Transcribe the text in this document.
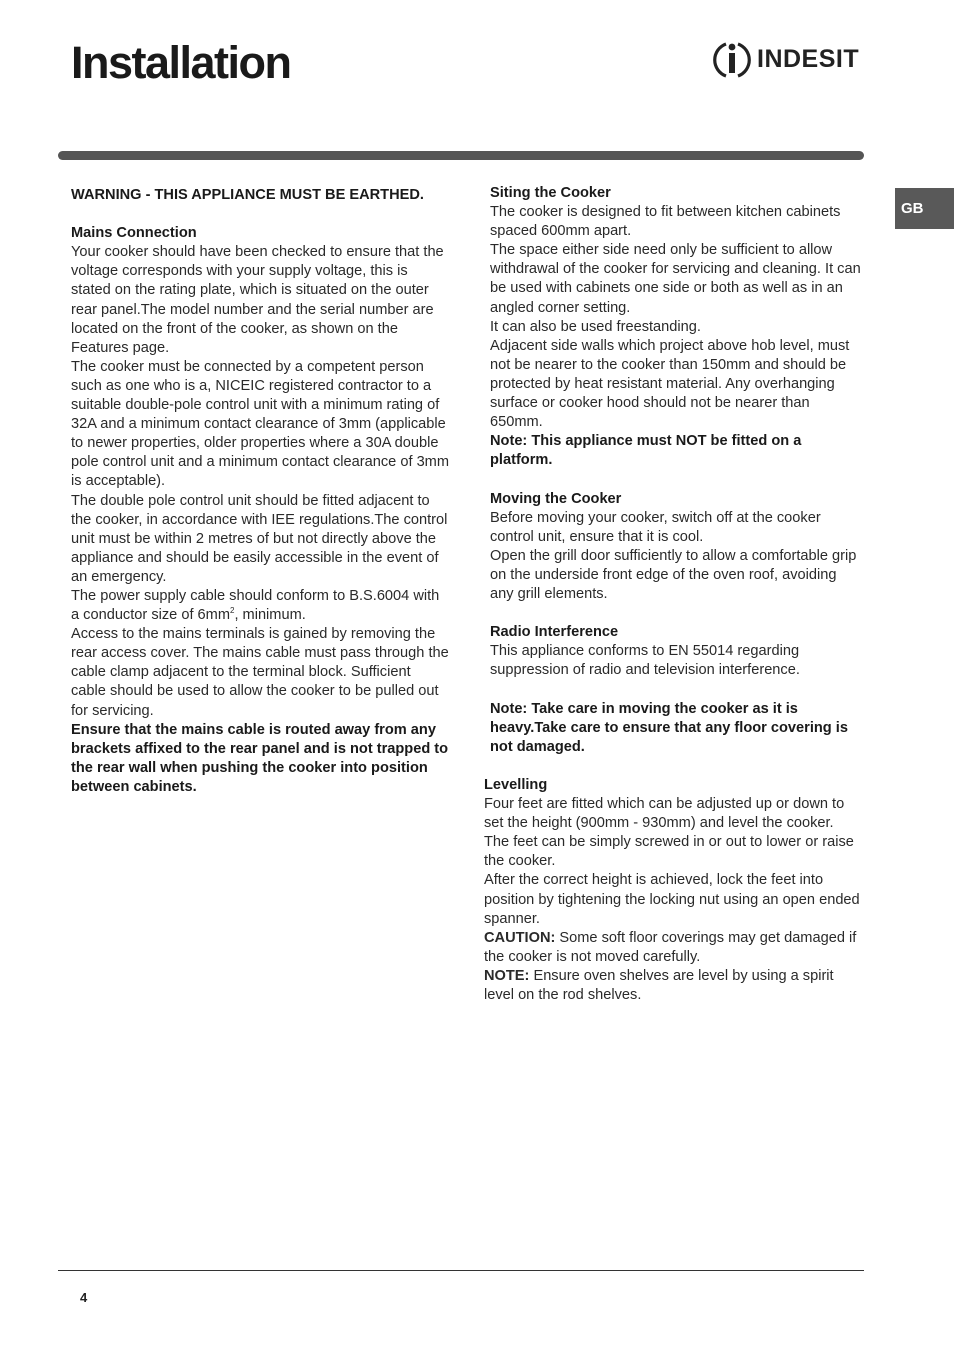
Installation	INDESIT
GB

WARNING - THIS APPLIANCE MUST BE EARTHED.

Mains Connection

Your cooker should have been checked to ensure that the voltage corresponds with your supply voltage, this is stated on the rating plate, which is situated on the outer rear panel.The model number and the serial number are located on the front of the cooker, as shown on the Features page.

The cooker must be connected by a competent person such as one who is a, NICEIC registered contractor to a suitable double-pole control unit with a minimum rating of 32A and a minimum contact clearance of 3mm (applicable to newer properties, older properties where a 30A double pole control unit and a minimum contact clearance of 3mm is acceptable).

The double pole control unit should be fitted adjacent to the cooker, in accordance with IEE regulations.The control unit must be within 2 metres of but not directly above the appliance and should be easily accessible in the event of an emergency.

The power supply cable should conform to B.S.6004 with a conductor size of $6mm^2$, minimum.

Access to the mains terminals is gained by removing the rear access cover. The mains cable must pass through the cable clamp adjacent to the terminal block. Sufficient cable should be used to allow the cooker to be pulled out for servicing.

Ensure that the mains cable is routed away from any brackets affixed to the rear panel and is not trapped to the rear wall when pushing the cooker into position between cabinets.

Siting the Cooker

The cooker is designed to fit between kitchen cabinets spaced 600mm apart.

The space either side need only be sufficient to allow withdrawal of the cooker for servicing and cleaning. It can be used with cabinets one side or both as well as in an angled corner setting.

It can also be used freestanding.

Adjacent side walls which project above hob level, must not be nearer to the cooker than 150mm and should be protected by heat resistant material. Any overhanging surface or cooker hood should not be nearer than 650mm.

Note: This appliance must NOT be fitted on a platform.

Moving the Cooker

Before moving your cooker, switch off at the cooker control unit, ensure that it is cool.

Open the grill door sufficiently to allow a comfortable grip on the underside front edge of the oven roof, avoiding any grill elements.

Radio Interference

This appliance conforms to EN 55014 regarding suppression of radio and television interference.

Note: Take care in moving the cooker as it is heavy.Take care to ensure that any floor covering is not damaged.

Levelling

Four feet are fitted which can be adjusted up or down to set the height (900mm - 930mm) and level the cooker.

The feet can be simply screwed in or out to lower or raise the cooker.

After the correct height is achieved, lock the feet into position by tightening the locking nut using an open ended spanner.

CAUTION: Some soft floor coverings may get damaged if the cooker is not moved carefully.

NOTE: Ensure oven shelves are level by using a spirit level on the rod shelves.

4
